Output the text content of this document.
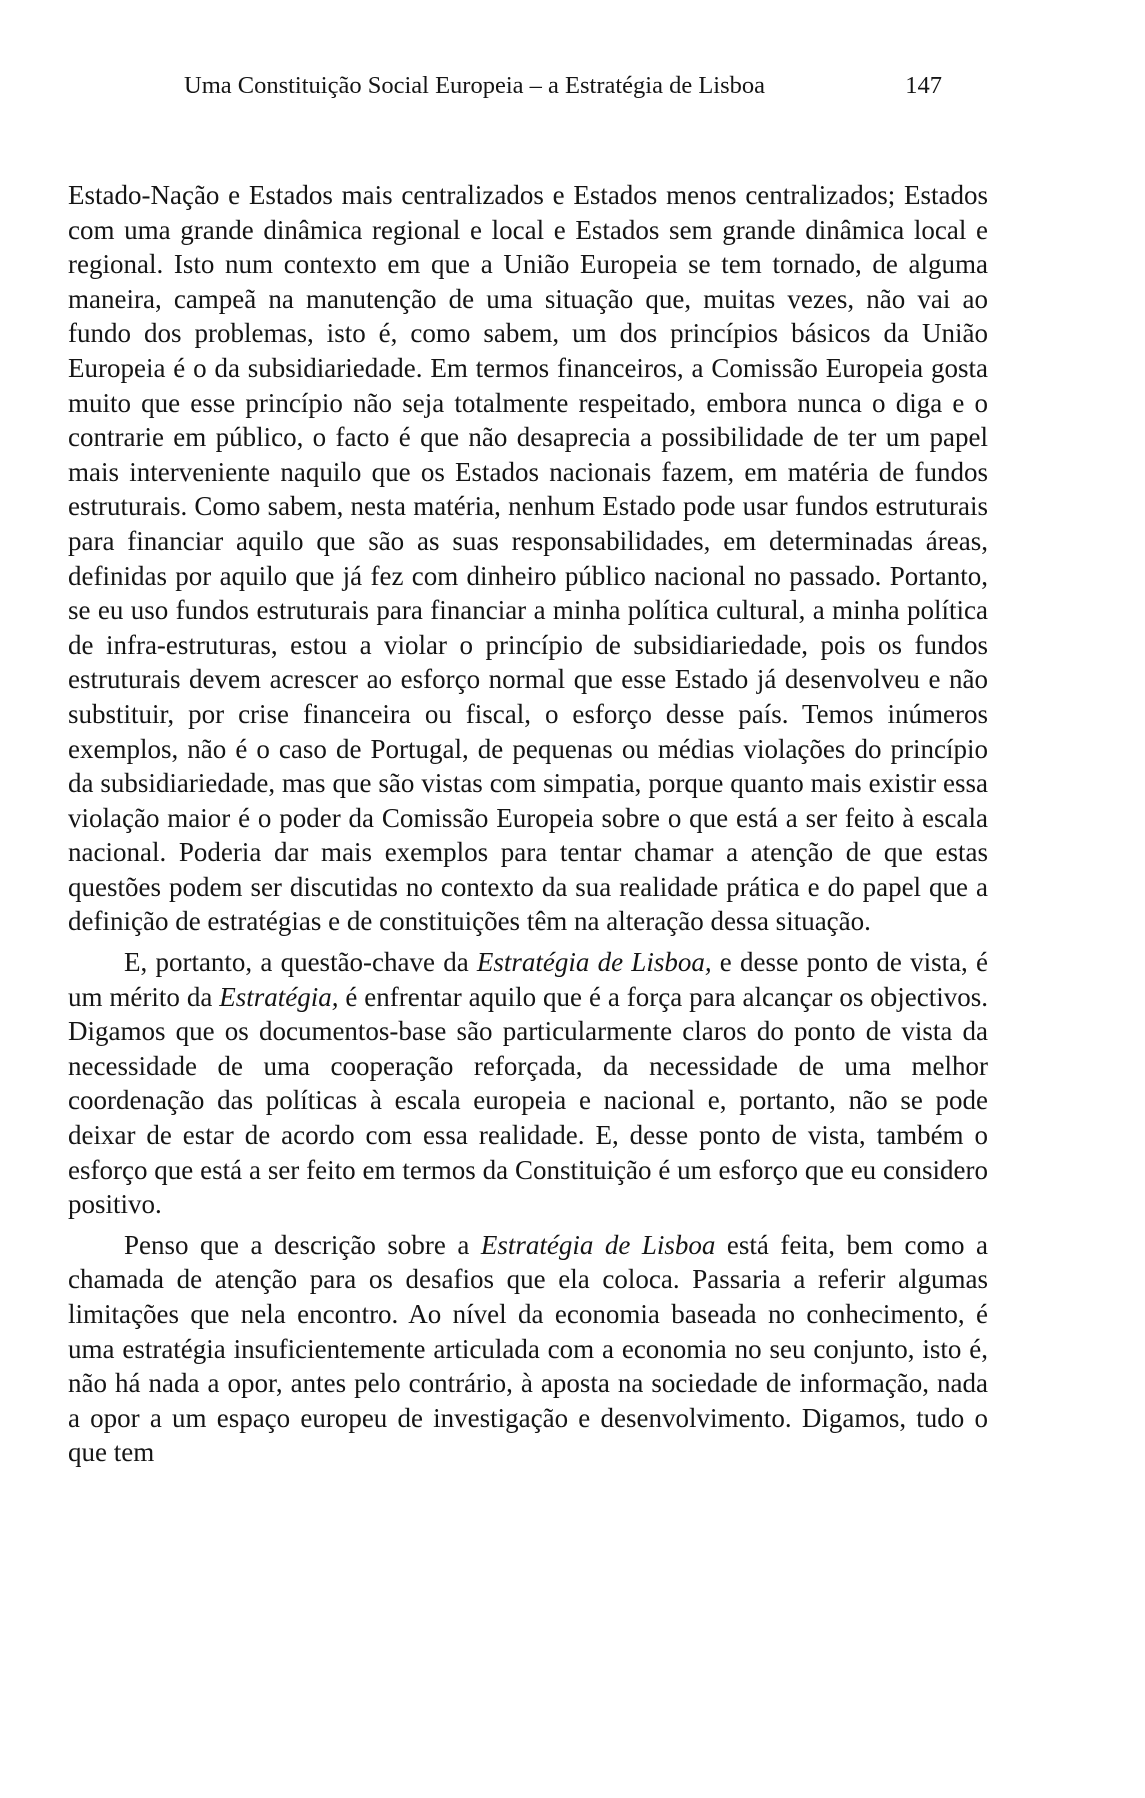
Uma Constituição Social Europeia – a Estratégia de Lisboa	147

Estado-Nação e Estados mais centralizados e Estados menos centralizados; Estados com uma grande dinâmica regional e local e Estados sem grande dinâmica local e regional. Isto num contexto em que a União Europeia se tem tornado, de alguma maneira, campeã na manutenção de uma situação que, muitas vezes, não vai ao fundo dos problemas, isto é, como sabem, um dos princípios básicos da União Europeia é o da subsidiariedade. Em termos financeiros, a Comissão Europeia gosta muito que esse princípio não seja totalmente respeitado, embora nunca o diga e o contrarie em público, o facto é que não desaprecia a possibilidade de ter um papel mais interveniente naquilo que os Estados nacionais fazem, em matéria de fundos estruturais. Como sabem, nesta matéria, nenhum Estado pode usar fundos estruturais para financiar aquilo que são as suas responsabilidades, em determinadas áreas, definidas por aquilo que já fez com dinheiro público nacional no passado. Portanto, se eu uso fundos estruturais para financiar a minha política cultural, a minha política de infra-estruturas, estou a violar o princípio de subsidiariedade, pois os fundos estruturais devem acrescer ao esforço normal que esse Estado já desenvolveu e não substituir, por crise financeira ou fiscal, o esforço desse país. Temos inúmeros exemplos, não é o caso de Portugal, de pequenas ou médias violações do princípio da subsidiariedade, mas que são vistas com simpatia, porque quanto mais existir essa violação maior é o poder da Comissão Europeia sobre o que está a ser feito à escala nacional. Poderia dar mais exemplos para tentar chamar a atenção de que estas questões podem ser discutidas no contexto da sua realidade prática e do papel que a definição de estratégias e de constituições têm na alteração dessa situação.

E, portanto, a questão-chave da Estratégia de Lisboa, e desse ponto de vista, é um mérito da Estratégia, é enfrentar aquilo que é a força para alcançar os objectivos. Digamos que os documentos-base são particularmente claros do ponto de vista da necessidade de uma cooperação reforçada, da necessidade de uma melhor coordenação das políticas à escala europeia e nacional e, portanto, não se pode deixar de estar de acordo com essa realidade. E, desse ponto de vista, também o esforço que está a ser feito em termos da Constituição é um esforço que eu considero positivo.

Penso que a descrição sobre a Estratégia de Lisboa está feita, bem como a chamada de atenção para os desafios que ela coloca. Passaria a referir algumas limitações que nela encontro. Ao nível da economia baseada no conhecimento, é uma estratégia insuficientemente articulada com a economia no seu conjunto, isto é, não há nada a opor, antes pelo contrário, à aposta na sociedade de informação, nada a opor a um espaço europeu de investigação e desenvolvimento. Digamos, tudo o que tem
